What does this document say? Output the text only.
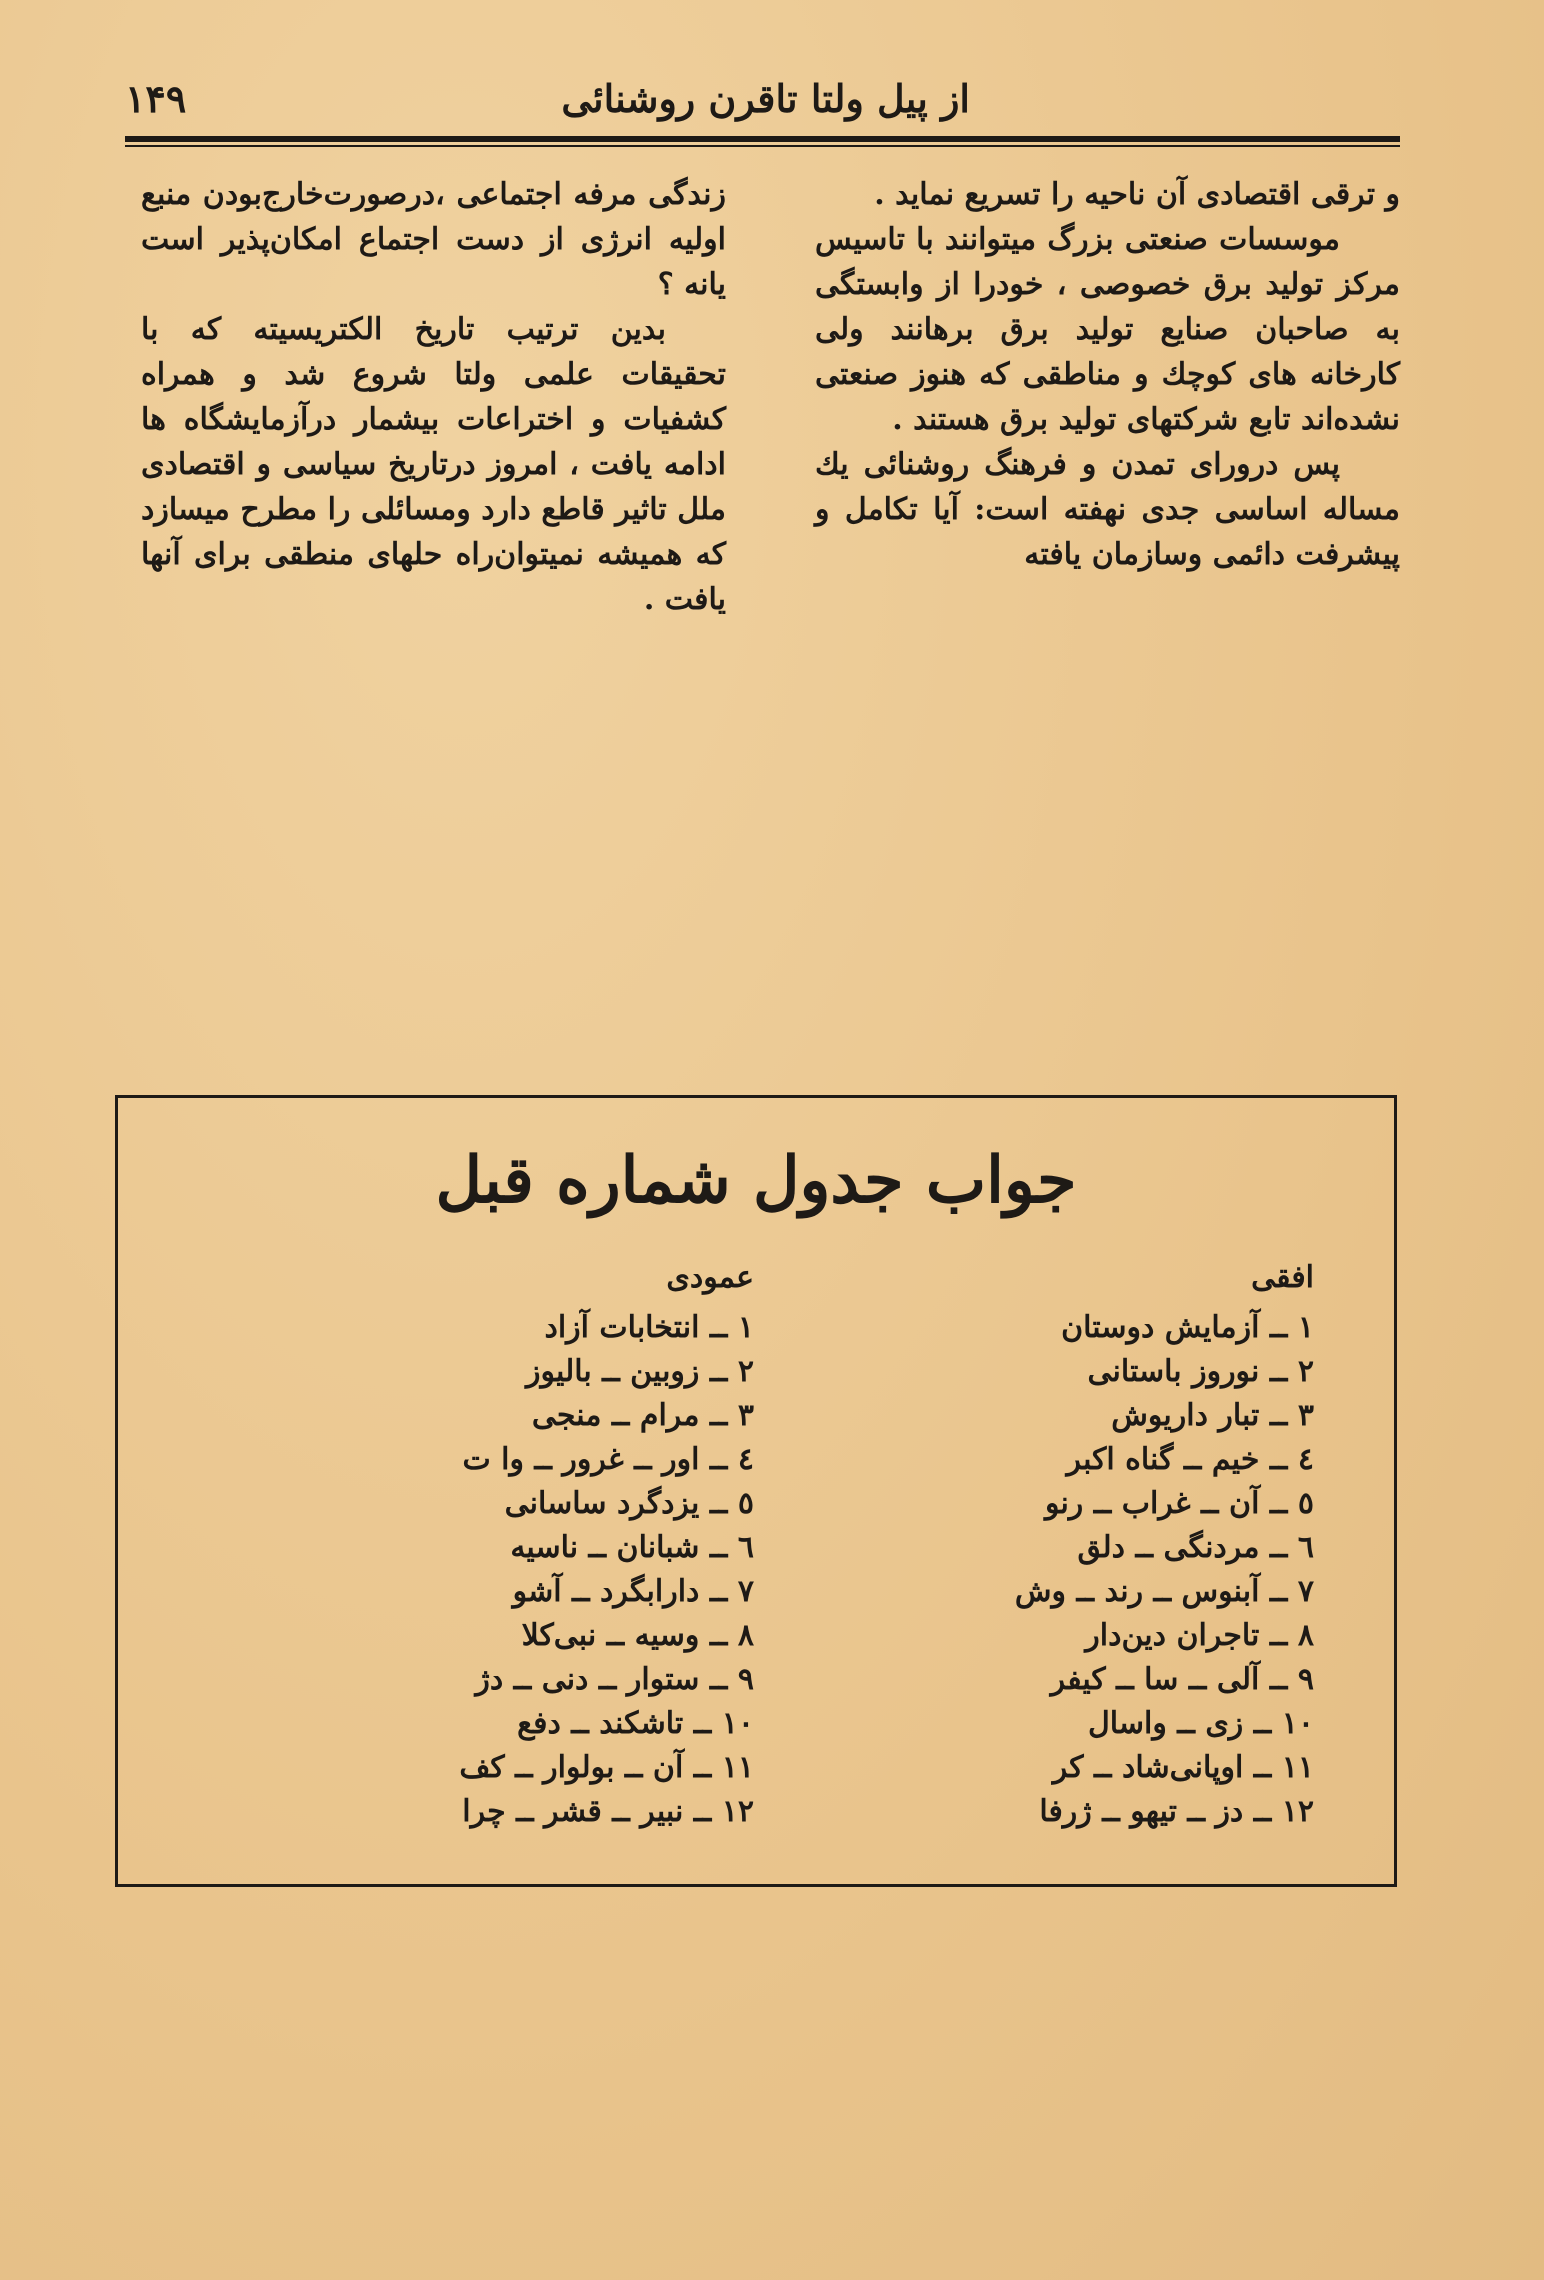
از پیل ولتا تاقرن روشنائی
۱۴۹

و ترقی اقتصادی آن ناحیه را تسریع نماید .

موسسات صنعتی بزرگ میتوانند با تاسیس مرکز تولید برق خصوصی ، خودرا از وابستگی به صاحبان صنایع تولید برق برهانند ولی کارخانه های کوچك و مناطقی که هنوز صنعتی نشده‌اند تابع شرکتهای تولید برق هستند .

پس درورای تمدن و فرهنگ روشنائی یك مساله اساسی جدی نهفته است: آیا تکامل و پیشرفت دائمی وسازمان یافته

زندگی مرفه اجتماعی ،درصورت‌خارج‌بودن منبع اولیه انرژی از دست اجتماع امکان‌پذیر است یانه ؟

بدین ترتیب تاریخ الکتریسیته که با تحقیقات علمی ولتا شروع شد و همراه کشفیات و اختراعات بیشمار درآزمایشگاه ها ادامه یافت ، امروز درتاریخ سیاسی و اقتصادی ملل تاثیر قاطع دارد ومسائلی را مطرح میسازد که همیشه نمیتوان‌راه حلهای منطقی برای آنها یافت .

جواب جدول شماره قبل
افقی
۱ ــ آزمایش دوستان
۲ ــ نوروز باستانی
۳ ــ تبار داریوش
٤ ــ خیم ــ گناه اکبر
٥ ــ آن ــ غراب ــ رنو
٦ ــ مردنگی ــ دلق
۷ ــ آبنوس ــ رند ــ وش
۸ ــ تاجران دین‌دار
۹ ــ آلی ــ سا ــ کیفر
۱۰ ــ زی ــ واسال
۱۱ ــ اوپانی‌شاد ــ کر
۱۲ ــ دز ــ تیهو ــ ژرفا
عمودی
۱ ــ انتخابات آزاد
۲ ــ زوبین ــ بالیوز
۳ ــ مرام ــ منجی
٤ ــ اور ــ غرور ــ وا ت
٥ ــ یزدگرد ساسانی
٦ ــ شبانان ــ ناسیه
۷ ــ دارابگرد ــ آشو
۸ ــ وسیه ــ نبی‌کلا
۹ ــ ستوار ــ دنی ــ دژ
۱۰ ــ تاشکند ــ دفع
۱۱ ــ آن ــ بولوار ــ کف
۱۲ ــ نبیر ــ قشر ــ چرا
